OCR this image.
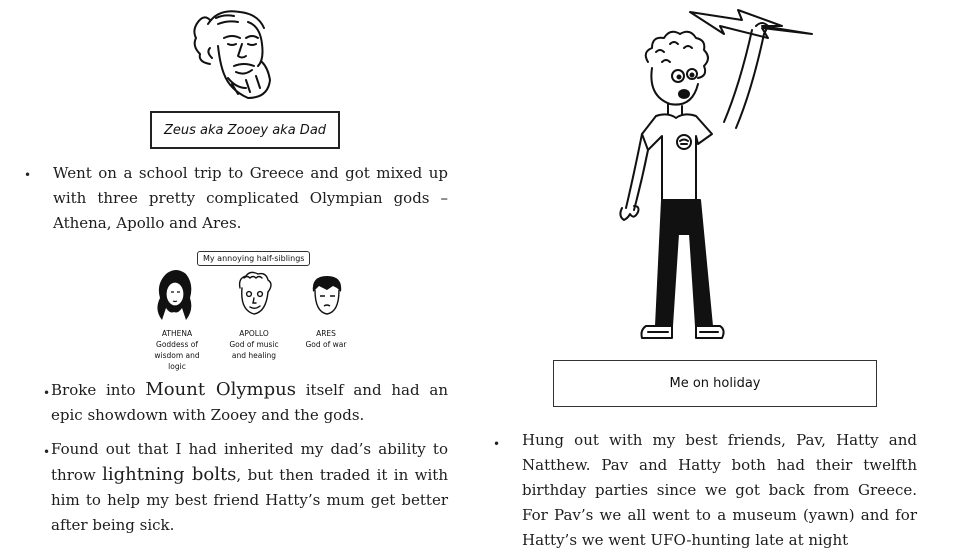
Zeus aka Zooey aka Dad
• Went on a school trip to Greece and got mixed up with three pretty complicated Olympian gods – Athena, Apollo and Ares.
My annoying half-siblings
ATHENA
Goddess of wisdom and logic
APOLLO
God of music and healing
ARES
God of war
• Broke into Mount Olympus itself and had an epic showdown with Zooey and the gods.
• Found out that I had inherited my dad’s ability to throw lightning bolts, but then traded it in with him to help my best friend Hatty’s mum get better after being sick.
Me on holiday
• Hung out with my best friends, Pav, Hatty and Natthew. Pav and Hatty both had their twelfth birthday parties since we got back from Greece. For Pav’s we all went to a museum (yawn) and for Hatty’s we went UFO-hunting late at night
